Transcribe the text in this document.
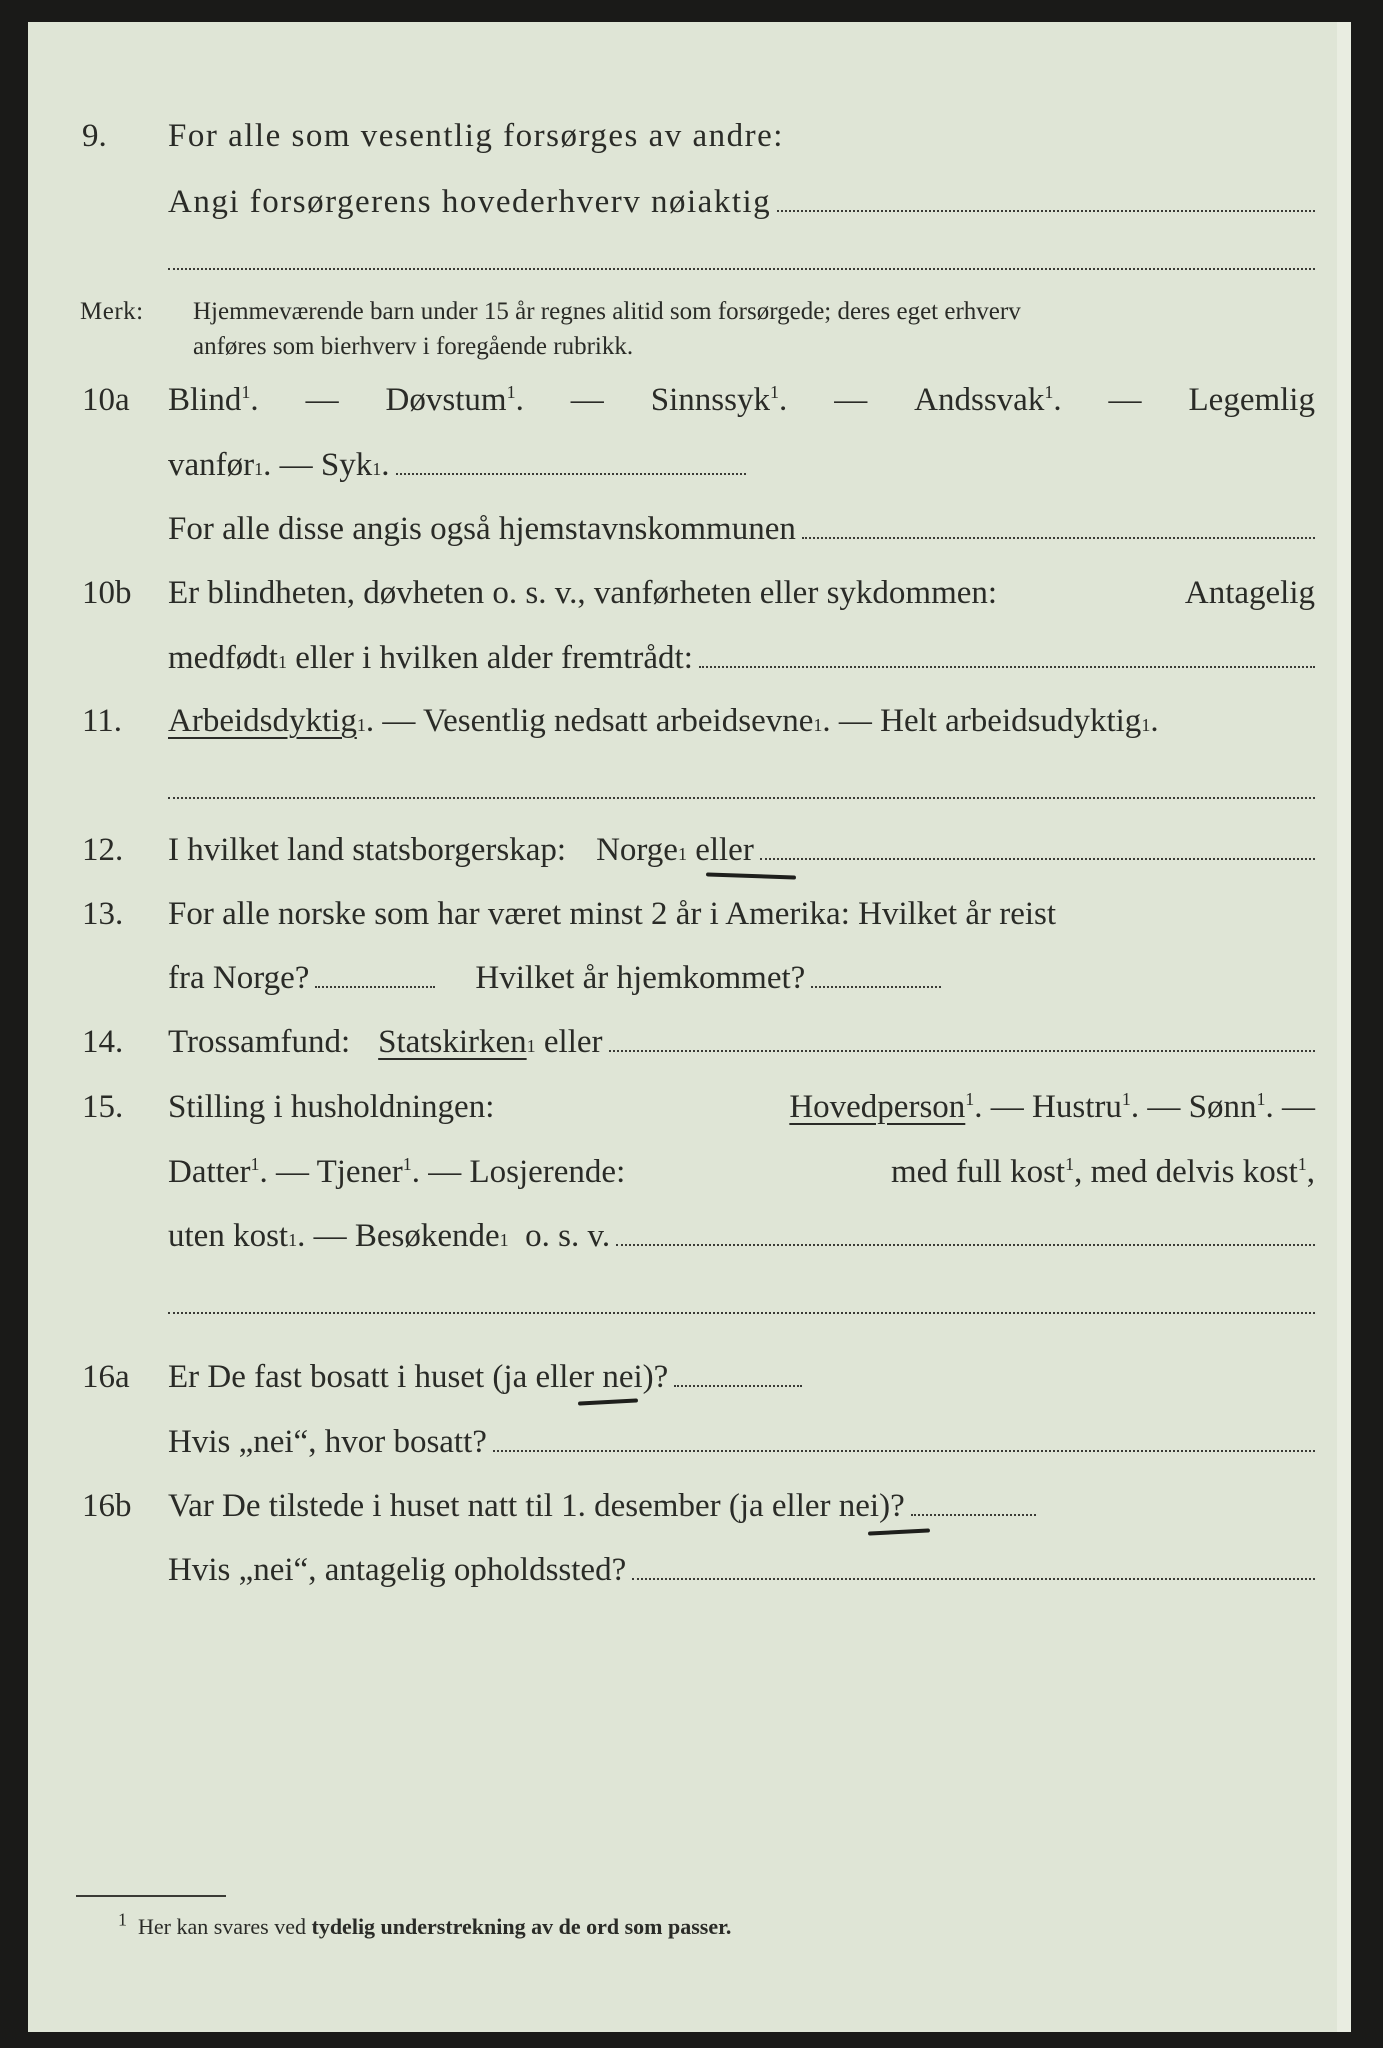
9. For alle som vesentlig forsørges av andre:
Angi forsørgerens hovederhverv nøiaktig
Merk: Hjemmeværende barn under 15 år regnes alitid som forsørgede; deres eget erhverv
anføres som bierhverv i foregående rubrikk.
10a Blind$^1$. — Døvstum$^1$. — Sinnssyk$^1$. — Andssvak$^1$. — Legemlig
vanfør 1 . —
Syk 1 .
For alle disse angis også hjemstavnskommunen
10b Er blindheten, døvheten o. s. v., vanførheten eller sykdommen:	Antagelig
medfødt 1
eller i hvilken alder fremtrådt:
11. Arbeidsdyktig 1 . — Vesentlig nedsatt arbeidsevne 1 . — Helt arbeidsudyktig 1 .
12. I hvilket land statsborgerskap: Norge 1
eller
13. For alle norske som har været minst 2 år i Amerika: Hvilket år reist
fra Norge?	Hvilket år hjemkommet?
14. Trossamfund: Statskirken 1
eller
15. Stilling i husholdningen:	Hovedperson$^1$. — Hustru$^1$. — Sønn$^1$. —
Datter$^1$. — Tjener$^1$. — Losjerende:	med full kost$^1$, med delvis kost$^1$,
uten kost 1 . — Besøkende 1
o. s. v.
16a Er De fast bosatt i huset (ja eller nei)?
Hvis „nei“, hvor bosatt?
16b Var De tilstede i huset natt til 1. desember (ja eller nei)?
Hvis „nei“, antagelig opholdssted?
$^1$ Her kan svares ved tydelig understrekning av de ord som passer.
